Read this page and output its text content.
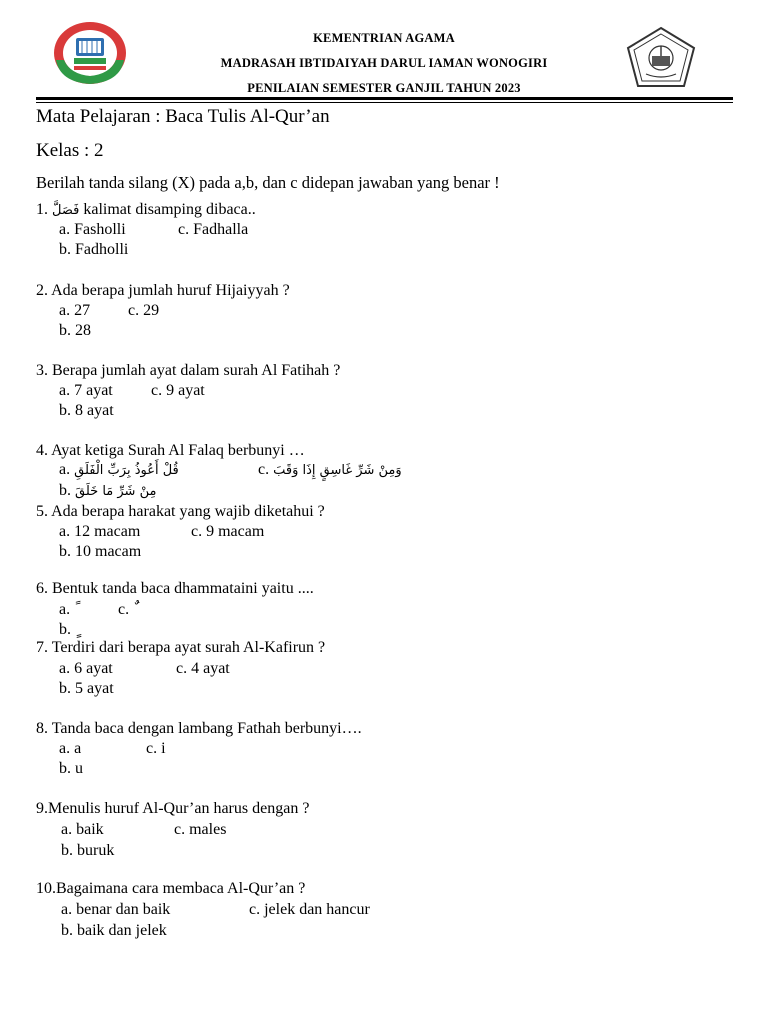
KEMENTRIAN AGAMA
MADRASAH IBTIDAIYAH DARUL IAMAN WONOGIRI
PENILAIAN SEMESTER GANJIL TAHUN 2023
Mata Pelajaran : Baca Tulis Al-Qur’an
Kelas : 2
Berilah tanda silang (X) pada a,b, dan c didepan jawaban yang benar !
1. فَصَلَّ kalimat disamping dibaca..
a. Fasholli	c. Fadhalla
b. Fadholli
2. Ada berapa jumlah huruf Hijaiyyah ?
a. 27 c. 29
b. 28
3. Berapa jumlah ayat dalam surah Al Fatihah ?
a. 7 ayat c. 9 ayat
b. 8 ayat
4. Ayat ketiga Surah Al Falaq berbunyi …
a. قُلْ أَعُوذُ بِرَبِّ الْفَلَقِ	c. وَمِنْ شَرِّ غَاسِقٍ إِذَا وَقَبَ
b. مِنْ شَرِّ مَا خَلَقَ
5. Ada berapa harakat yang wajib diketahui ?
a. 12 macam	c. 9 macam
b. 10 macam
6. Bentuk tanda baca dhammataini yaitu ....
a.	c.
b.
7. Terdiri dari berapa ayat surah Al-Kafirun ?
a. 6 ayat	c. 4 ayat
b. 5 ayat
8. Tanda baca dengan lambang Fathah berbunyi….
a. a	c. i
b. u
9.Menulis huruf Al-Qur’an harus dengan ?
a. baik	c. males
b. buruk
10.Bagaimana cara membaca Al-Qur’an ?
a. benar dan baik	c. jelek dan hancur
b. baik dan jelek
